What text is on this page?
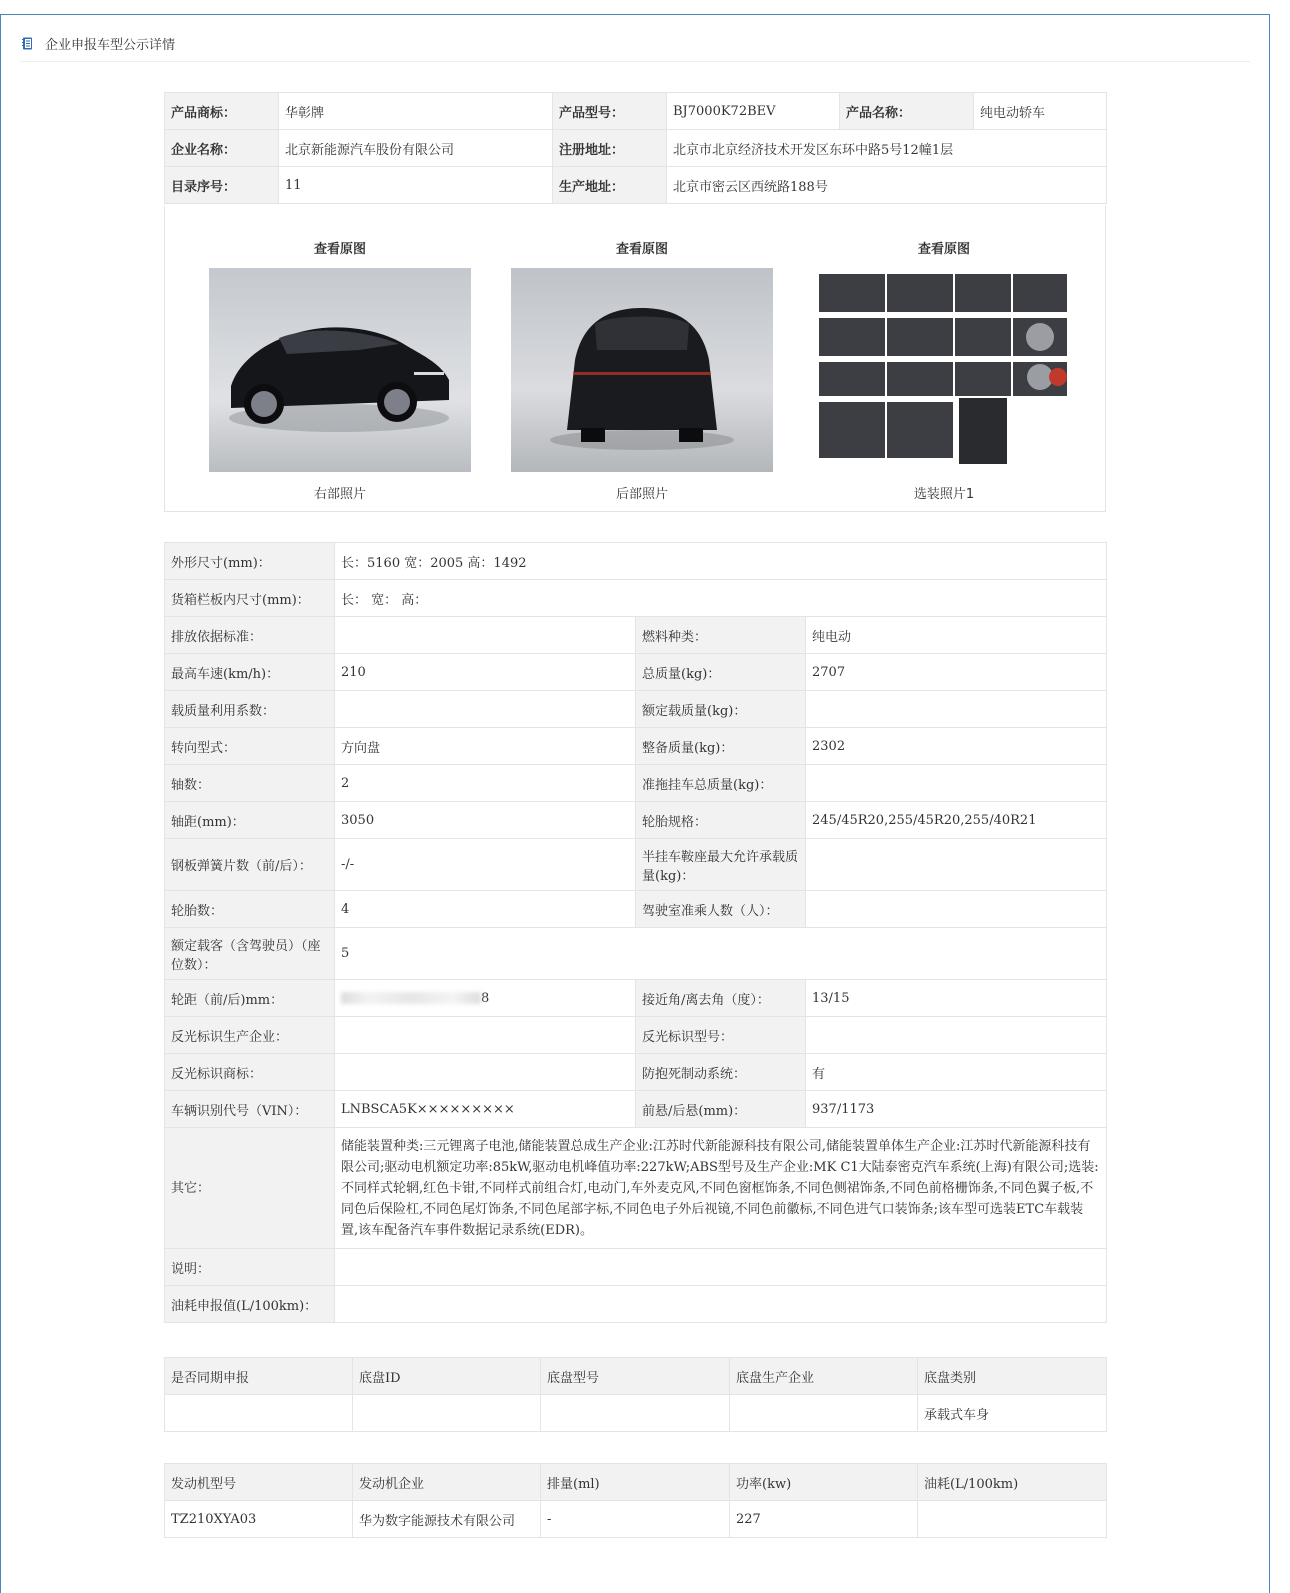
企业申报车型公示详情
产品商标：	华彰牌	产品型号：	BJ7000K72BEV	产品名称：	纯电动轿车
企业名称：	北京新能源汽车股份有限公司	注册地址：	北京市北京经济技术开发区东环中路5号12幢1层		
目录序号：	11	生产地址：	北京市密云区西统路188号		
查看原图
右部照片
查看原图
后部照片
查看原图
选装照片1
外形尺寸(mm)：	长：5160 宽：2005 高：1492		
货箱栏板内尺寸(mm)：	长： 宽： 高：		
排放依据标准：		燃料种类：	纯电动
最高车速(km/h)：	210	总质量(kg)：	2707
载质量利用系数：		额定载质量(kg)：	
转向型式：	方向盘	整备质量(kg)：	2302
轴数：	2	准拖挂车总质量(kg)：	
轴距(mm)：	3050	轮胎规格：	245/45R20,255/45R20,255/40R21
钢板弹簧片数（前/后）：	-/-	半挂车鞍座最大允许承载质量(kg)：	
轮胎数：	4	驾驶室准乘人数（人）：	
额定载客（含驾驶员）（座位数）：	5		
轮距（前/后)mm：	8	接近角/离去角（度）：	13/15
反光标识生产企业：		反光标识型号：	
反光标识商标：		防抱死制动系统：	有
车辆识别代号（VIN）：	LNBSCA5K×××××××××	前悬/后悬(mm)：	937/1173
其它：	储能装置种类:三元锂离子电池,储能装置总成生产企业:江苏时代新能源科技有限公司,储能装置单体生产企业:江苏时代新能源科技有限公司;驱动电机额定功率:85kW,驱动电机峰值功率:227kW;ABS型号及生产企业:MK C1大陆泰密克汽车系统(上海)有限公司;选装:不同样式轮辋,红色卡钳,不同样式前组合灯,电动门,车外麦克风,不同色窗框饰条,不同色侧裙饰条,不同色前格栅饰条,不同色翼子板,不同色后保险杠,不同色尾灯饰条,不同色尾部字标,不同色电子外后视镜,不同色前徽标,不同色进气口装饰条;该车型可选装ETC车载装置,该车配备汽车事件数据记录系统(EDR)。		
说明：			
油耗申报值(L/100km)：			
是否同期申报	底盘ID	底盘型号	底盘生产企业	底盘类别
				承载式车身
发动机型号	发动机企业	排量(ml)	功率(kw)	油耗(L/100km)
TZ210XYA03	华为数字能源技术有限公司	-	227	
